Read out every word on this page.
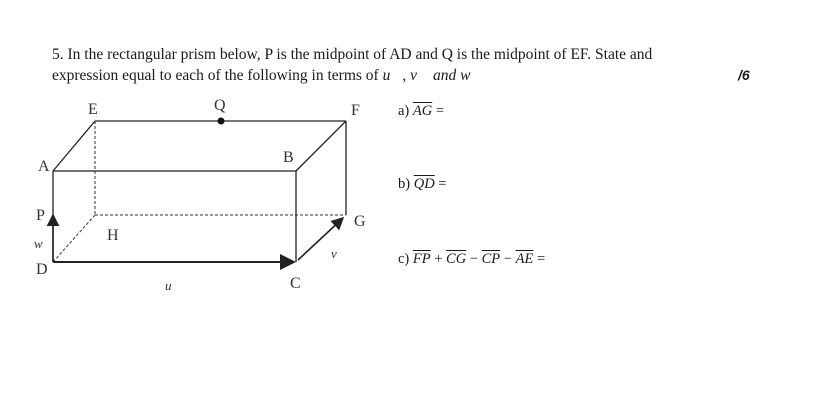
5. In the rectangular prism below, P is the midpoint of AD and Q is the midpoint of EF. State and
expression equal to each of the following in terms of u⃗, v⃗ and w⃗	/6
E	Q	F
A
B
P
H
G
D
C
u⃗
v⃗
w⃗
a) $\overline{AG}$ =
b) $\overline{QD}$ =
c) $\overline{FP} + \overline{CG} - \overline{CP} - \overline{AE}$ =
